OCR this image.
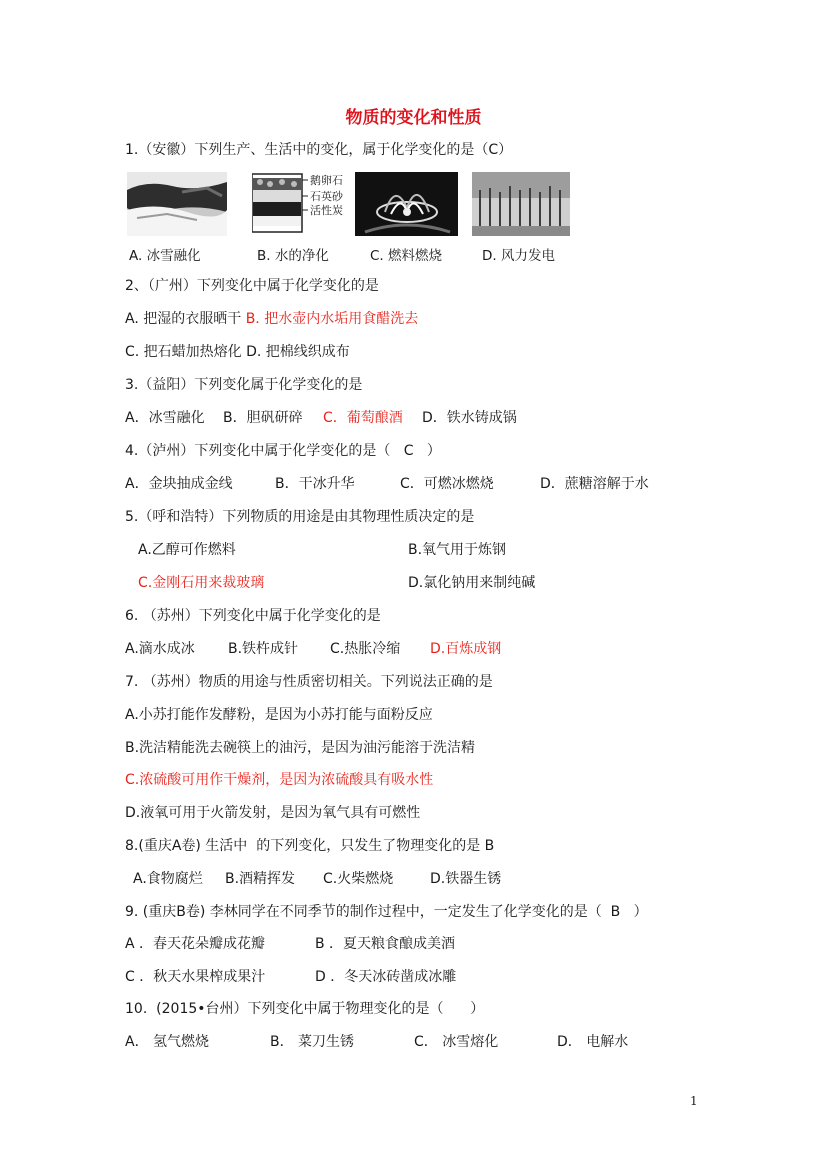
物质的变化和性质
1.（安徽）下列生产、生活中的变化，属于化学变化的是（C）
鹅卵石
石英砂
活性炭
A. 冰雪融化	B. 水的净化	C. 燃料燃烧	D. 风力发电
2、（广州）下列变化中属于化学变化的是
A. 把湿的衣服晒干 B. 把水壶内水垢用食醋洗去
C. 把石蜡加热熔化 D. 把棉线织成布
3.（益阳）下列变化属于化学变化的是
A．冰雪融化 B．胆矾研碎 C．葡萄酿酒 D．铁水铸成锅
4.（泸州）下列变化中属于化学变化的是（   C   ）
A．金块抽成金线	B．干冰升华	C．可燃冰燃烧	D．蔗糖溶解于水
5.（呼和浩特）下列物质的用途是由其物理性质决定的是
A.乙醇可作燃料	B.氧气用于炼钢
C.金刚石用来裁玻璃	D.氯化钠用来制纯碱
6. （苏州）下列变化中属于化学变化的是
A.滴水成冰 B.铁杵成针 C.热胀冷缩 D.百炼成钢
7. （苏州）物质的用途与性质密切相关。下列说法正确的是
A.小苏打能作发酵粉，是因为小苏打能与面粉反应
B.洗洁精能洗去碗筷上的油污，是因为油污能溶于洗洁精
C.浓硫酸可用作干燥剂，是因为浓硫酸具有吸水性
D.液氧可用于火箭发射，是因为氧气具有可燃性
8.(重庆A卷) 生活中  的下列变化，只发生了物理变化的是 B
A.食物腐烂 B.酒精挥发 C.火柴燃烧	D.铁器生锈
9. (重庆B卷) 李林同学在不同季节的制作过程中，一定发生了化学变化的是（  B   ）
A ．春天花朵瓣成花瓣	B ．夏天粮食酿成美酒
C ．秋天水果榨成果汁	D ．冬天冰砖凿成冰雕
10.  (2015•台州）下列变化中属于物理变化的是（      ）
A． 氢气燃烧	B． 菜刀生锈	C． 冰雪熔化	D． 电解水
1
